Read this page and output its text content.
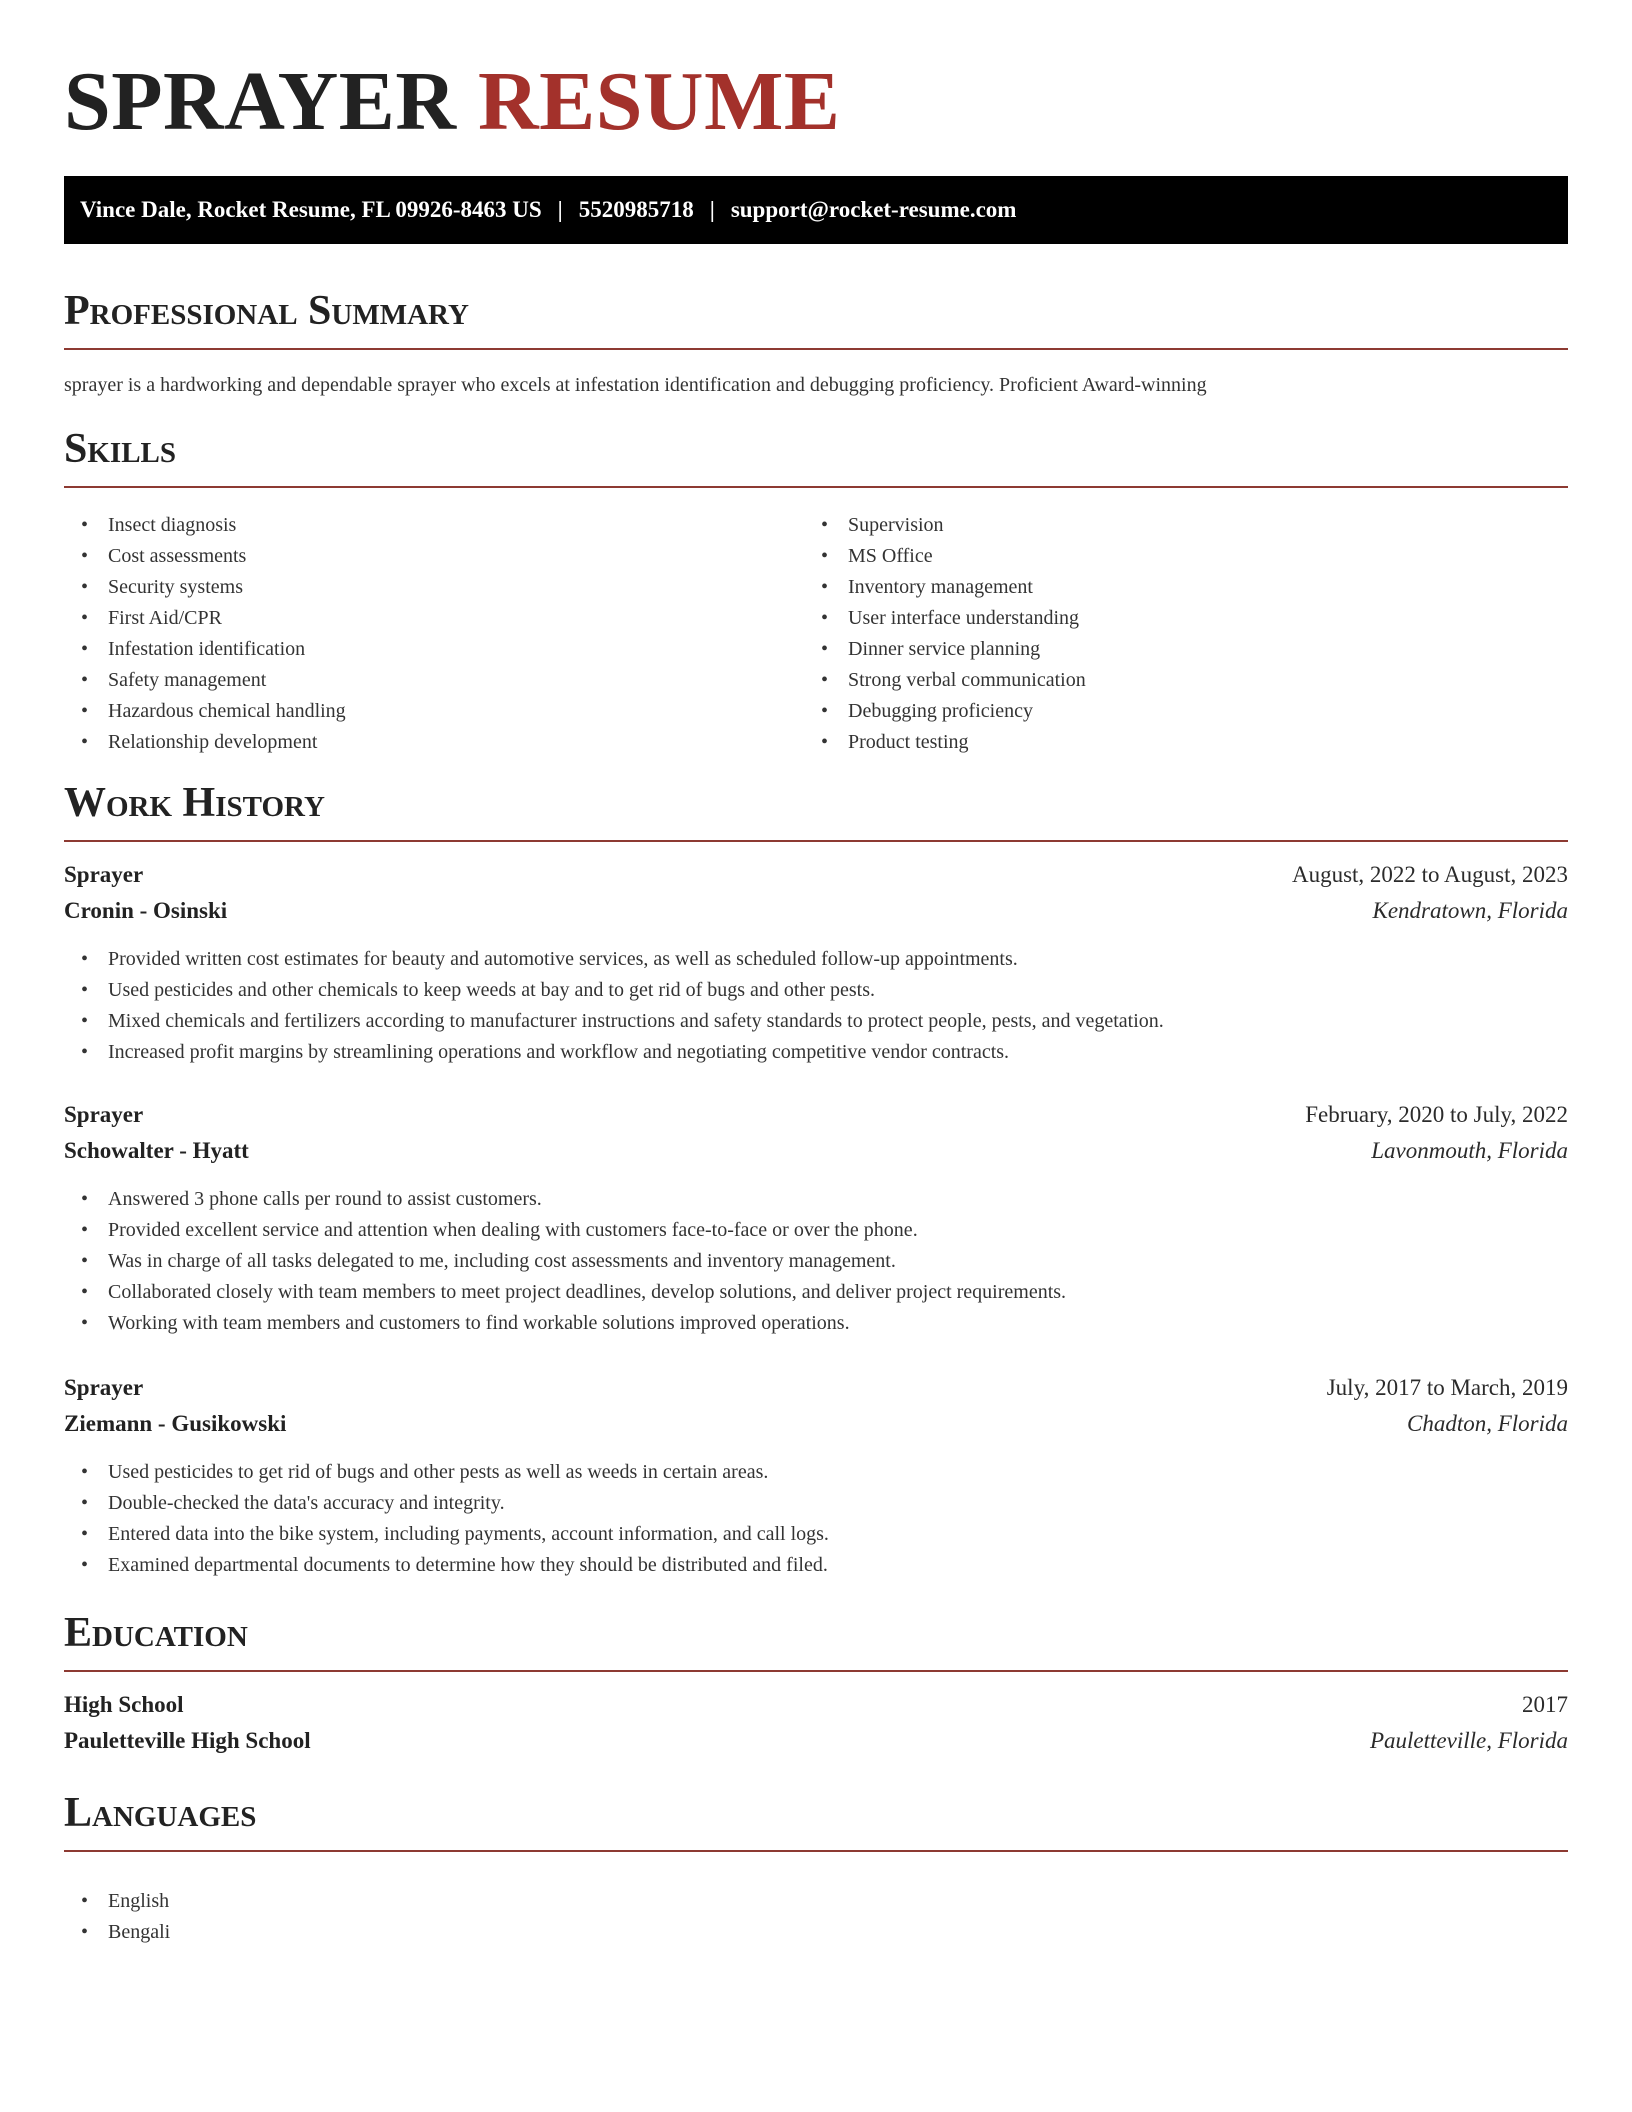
SPRAYER RESUME
Vince Dale, Rocket Resume, FL 09926-8463 US | 5520985718 | support@rocket-resume.com
Professional Summary

sprayer is a hardworking and dependable sprayer who excels at infestation identification and debugging proficiency. Proficient Award-winning

Skills
• Insect diagnosis
• Cost assessments
• Security systems
• First Aid/CPR
• Infestation identification
• Safety management
• Hazardous chemical handling
• Relationship development
• Supervision
• MS Office
• Inventory management
• User interface understanding
• Dinner service planning
• Strong verbal communication
• Debugging proficiency
• Product testing
Work History
Sprayer	August, 2022 to August, 2023
Cronin - Osinski	Kendratown, Florida
• Provided written cost estimates for beauty and automotive services, as well as scheduled follow-up appointments.
• Used pesticides and other chemicals to keep weeds at bay and to get rid of bugs and other pests.
• Mixed chemicals and fertilizers according to manufacturer instructions and safety standards to protect people, pests, and vegetation.
• Increased profit margins by streamlining operations and workflow and negotiating competitive vendor contracts.
Sprayer	February, 2020 to July, 2022
Schowalter - Hyatt	Lavonmouth, Florida
• Answered 3 phone calls per round to assist customers.
• Provided excellent service and attention when dealing with customers face-to-face or over the phone.
• Was in charge of all tasks delegated to me, including cost assessments and inventory management.
• Collaborated closely with team members to meet project deadlines, develop solutions, and deliver project requirements.
• Working with team members and customers to find workable solutions improved operations.
Sprayer	July, 2017 to March, 2019
Ziemann - Gusikowski	Chadton, Florida
• Used pesticides to get rid of bugs and other pests as well as weeds in certain areas.
• Double-checked the data's accuracy and integrity.
• Entered data into the bike system, including payments, account information, and call logs.
• Examined departmental documents to determine how they should be distributed and filed.
Education
High School	2017
Pauletteville High School	Pauletteville, Florida
Languages
• English
• Bengali
